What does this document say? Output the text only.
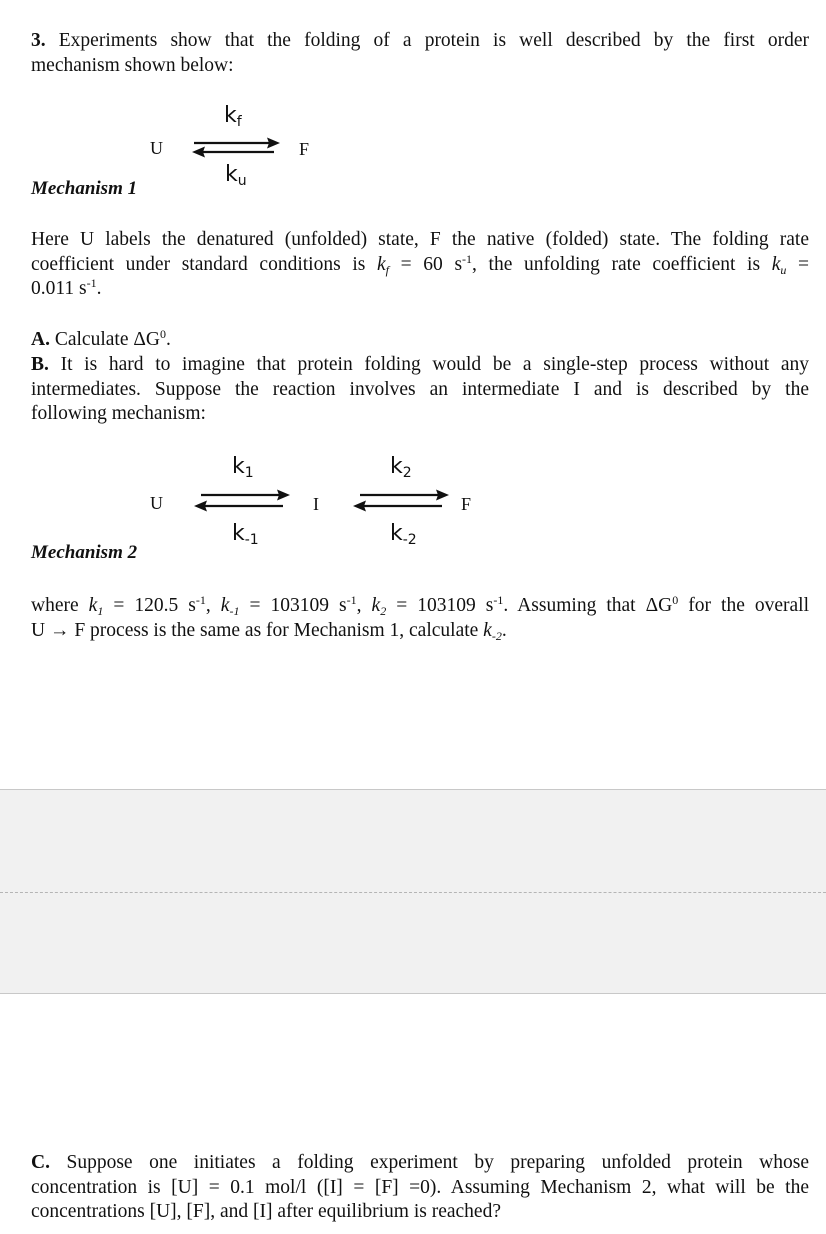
3. Experiments show that the folding of a protein is well described by the first order
mechanism shown below:
$k_f$
U	F
$k_u$
Mechanism 1
Here U labels the denatured (unfolded) state, F the native (folded) state. The folding rate
coefficient under standard conditions is $k_f = 60$ $s^{-1}$, the unfolding rate coefficient is $k_u$ =
0.011 $s^{-1}$.
A. Calculate $\Delta G^0$.
B. It is hard to imagine that protein folding would be a single-step process without any
intermediates. Suppose the reaction involves an intermediate I and is described by the
following mechanism:
$k_1$	$k_2$
U	I	F
$k_{-1}$	$k_{-2}$
Mechanism 2
where $k_1 = 120.5$ $s^{-1}$, $k_{-1} = 103109$ $s^{-1}$, $k_2 = 103109$ $s^{-1}$. Assuming that $\Delta G^0$ for the overall
U → F process is the same as for Mechanism 1, calculate $k_{-2}$.
C. Suppose one initiates a folding experiment by preparing unfolded protein whose
concentration is [U] = 0.1 mol/l ([I] = [F] =0). Assuming Mechanism 2, what will be the
concentrations [U], [F], and [I] after equilibrium is reached?
